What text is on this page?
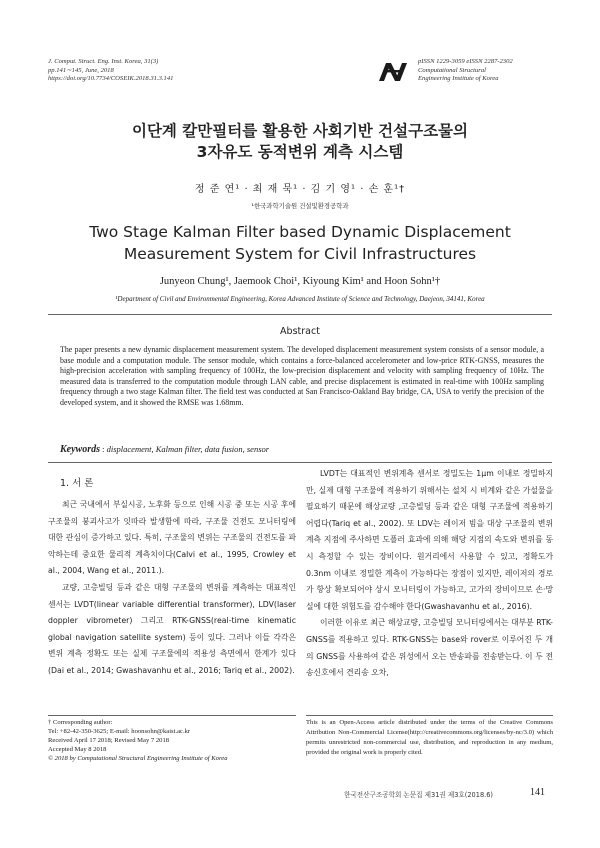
J. Comput. Struct. Eng. Inst. Korea, 31(3)
pp.141∼145, June, 2018
https://doi.org/10.7734/COSEIK.2018.31.3.141
pISSN 1229-3059 eISSN 2287-2302
Computational Structural
Engineering Institute of Korea
이단계 칼만필터를 활용한 사회기반 건설구조물의
3자유도 동적변위 계측 시스템
정 준 연¹ · 최 재 묵¹ · 김 기 영¹ · 손 훈¹†
¹한국과학기술원 건설및환경공학과
Two Stage Kalman Filter based Dynamic Displacement
Measurement System for Civil Infrastructures
Junyeon Chung¹, Jaemook Choi¹, Kiyoung Kim¹ and Hoon Sohn¹†
¹Department of Civil and Environmental Engineering, Korea Advanced Institute of Science and Technology, Daejeon, 34141, Korea
Abstract
The paper presents a new dynamic displacement measurement system. The developed displacement measurement system consists of a sensor module, a base module and a computation module. The sensor module, which contains a force-balanced accelerometer and low-price RTK-GNSS, measures the high-precision acceleration with sampling frequency of 100Hz, the low-precision displacement and velocity with sampling frequency of 10Hz. The measured data is transferred to the computation module through LAN cable, and precise displacement is estimated in real-time with 100Hz sampling frequency through a two stage Kalman filter. The field test was conducted at San Francisco-Oakland Bay bridge, CA, USA to verify the precision of the developed system, and it showed the RMSE was 1.68mm.
Keywords : displacement, Kalman filter, data fusion, sensor
1. 서 론

최근 국내에서 부실시공, 노후화 등으로 인해 시공 중 또는 시공 후에 구조물의 붕괴사고가 잇따라 발생함에 따라, 구조물 건전도 모니터링에 대한 관심이 증가하고 있다. 특히, 구조물의 변위는 구조물의 건전도를 파악하는데 중요한 물리적 계측치이다(Calvi et al., 1995, Crowley et al., 2004, Wang et al., 2011.).

교량, 고층빌딩 등과 같은 대형 구조물의 변위를 계측하는 대표적인 센서는 LVDT(linear variable differential transformer), LDV(laser doppler vibrometer) 그리고 RTK-GNSS(real-time kinematic global navigation satellite system) 등이 있다. 그러나 이들 각각은 변위 계측 정확도 또는 실제 구조물에의 적용성 측면에서 한계가 있다(Dai et al., 2014; Gwashavanhu et al., 2016; Tariq et al., 2002).

LVDT는 대표적인 변위계측 센서로 정밀도는 1μm 이내로 정밀하지만, 실제 대형 구조물에 적용하기 위해서는 설치 시 비계와 같은 가설물을 필요하기 때문에 해상교량 ,고층빌딩 등과 같은 대형 구조물에 적용하기 어렵다(Tariq et al., 2002). 또 LDV는 레이저 빔을 대상 구조물의 변위 계측 지점에 주사하면 도플러 효과에 의해 해당 지점의 속도와 변위를 동시 측정할 수 있는 장비이다. 원거리에서 사용할 수 있고, 정확도가 0.3nm 이내로 정밀한 계측이 가능하다는 장점이 있지만, 레이저의 경로가 항상 확보되어야 상시 모니터링이 가능하고, 고가의 장비이므로 손·망실에 대한 위험도를 감수해야 한다(Gwashavanhu et al., 2016).

이러한 이유로 최근 해상교량, 고층빌딩 모니터링에서는 대부분 RTK-GNSS를 적용하고 있다. RTK-GNSS는 base와 rover로 이루어진 두 개의 GNSS를 사용하여 같은 위성에서 오는 반송파를 전송받는다. 이 두 전송신호에서 견리송 오차,

† Corresponding author:
Tel: +82-42-350-3625; E-mail: hoonsohn@kaist.ac.kr
Received April 17 2018; Revised May 7 2018
Accepted May 8 2018
© 2018 by Computational Structural Engineering Institute of Korea
This is an Open-Access article distributed under the terms of the Creative Commons Attribution Non-Commercial License(http://creativecommons.org/licenses/by-nc/3.0) which permits unrestricted non-commercial use, distribution, and reproduction in any medium, provided the original work is properly cited.
한국전산구조공학회 논문집 제31권 제3호(2018.6)	141
